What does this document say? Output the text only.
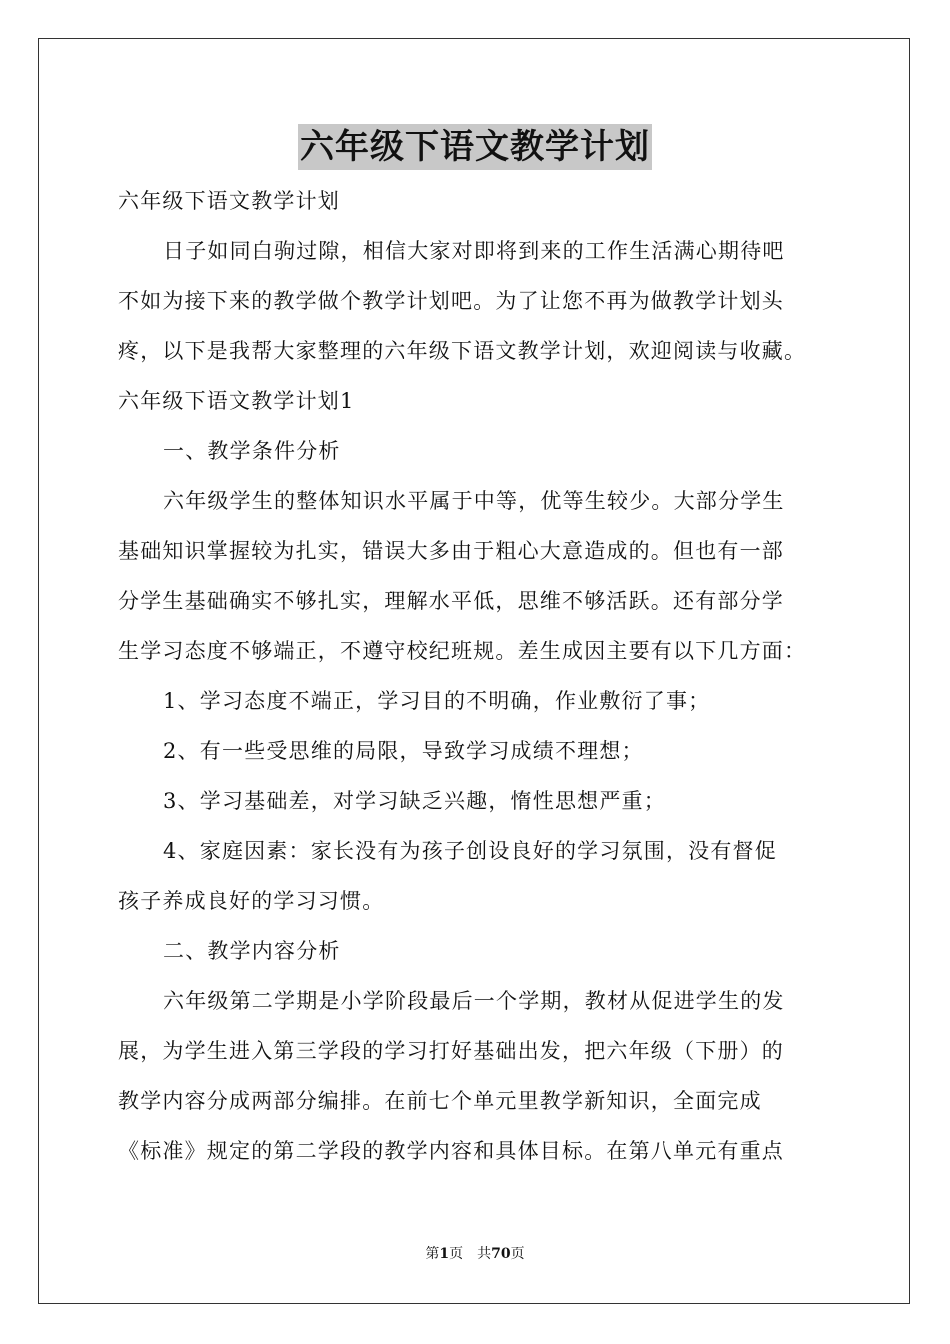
六年级下语文教学计划
六年级下语文教学计划
日子如同白驹过隙，相信大家对即将到来的工作生活满心期待吧
不如为接下来的教学做个教学计划吧。为了让您不再为做教学计划头
疼，以下是我帮大家整理的六年级下语文教学计划，欢迎阅读与收藏。
六年级下语文教学计划1
一、教学条件分析
六年级学生的整体知识水平属于中等，优等生较少。大部分学生
基础知识掌握较为扎实，错误大多由于粗心大意造成的。但也有一部
分学生基础确实不够扎实，理解水平低，思维不够活跃。还有部分学
生学习态度不够端正，不遵守校纪班规。差生成因主要有以下几方面：
1、学习态度不端正，学习目的不明确，作业敷衍了事；
2、有一些受思维的局限，导致学习成绩不理想；
3、学习基础差，对学习缺乏兴趣，惰性思想严重；
4、家庭因素：家长没有为孩子创设良好的学习氛围，没有督促
孩子养成良好的学习习惯。
二、教学内容分析
六年级第二学期是小学阶段最后一个学期，教材从促进学生的发
展，为学生进入第三学段的学习打好基础出发，把六年级（下册）的
教学内容分成两部分编排。在前七个单元里教学新知识，全面完成
《标准》规定的第二学段的教学内容和具体目标。在第八单元有重点
第1页　共70页
